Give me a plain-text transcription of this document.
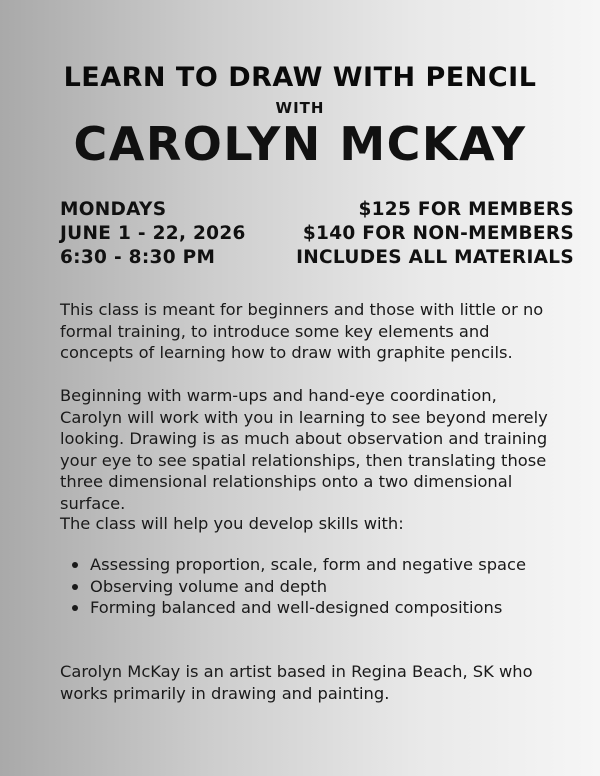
LEARN TO DRAW WITH PENCIL
WITH
CAROLYN MCKAY
MONDAYS
JUNE 1 - 22, 2026
6:30 - 8:30 PM
$125 FOR MEMBERS
$140 FOR NON-MEMBERS
INCLUDES ALL MATERIALS

This class is meant for beginners and those with little or no formal training, to introduce some key elements and concepts of learning how to draw with graphite pencils.

Beginning with warm-ups and hand-eye coordination, Carolyn will work with you in learning to see beyond merely looking. Drawing is as much about observation and training your eye to see spatial relationships, then translating those three dimensional relationships onto a two dimensional surface.

The class will help you develop skills with:

Assessing proportion, scale, form and negative space
Observing volume and depth
Forming balanced and well-designed compositions

Carolyn McKay is an artist based in Regina Beach, SK who works primarily in drawing and painting.
